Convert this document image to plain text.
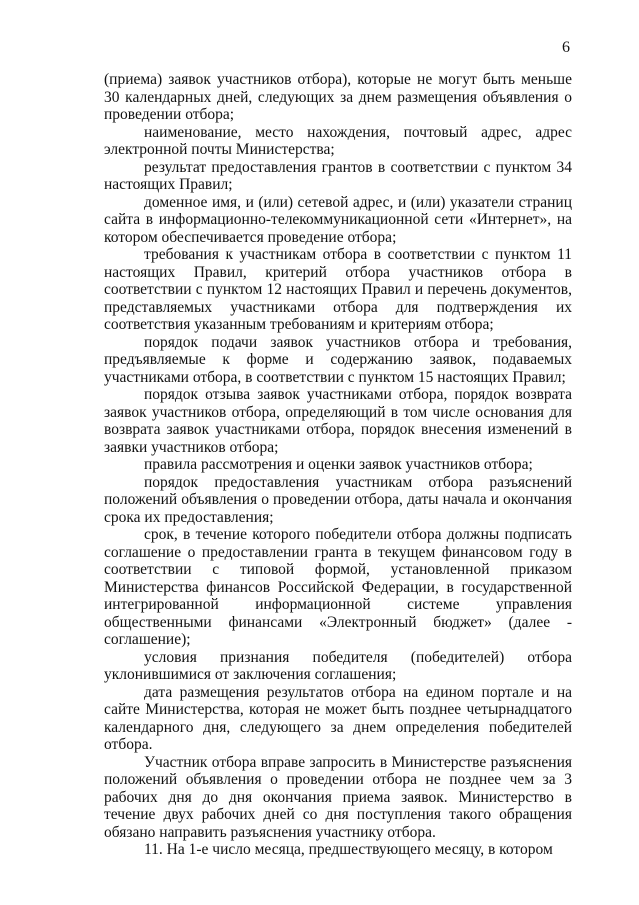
6

(приема) заявок участников отбора), которые не могут быть меньше 30 календарных дней, следующих за днем размещения объявления о проведении отбора;

наименование, место нахождения, почтовый адрес, адрес электронной почты Министерства;

результат предоставления грантов в соответствии с пунктом 34 настоящих Правил;

доменное имя, и (или) сетевой адрес, и (или) указатели страниц сайта в информационно-телекоммуникационной сети «Интернет», на котором обеспечивается проведение отбора;

требования к участникам отбора в соответствии с пунктом 11 настоящих Правил, критерий отбора участников отбора в соответствии с пунктом 12 настоящих Правил и перечень документов, представляемых участниками отбора для подтверждения их соответствия указанным требованиям и критериям отбора;

порядок подачи заявок участников отбора и требования, предъявляемые к форме и содержанию заявок, подаваемых участниками отбора, в соответствии с пунктом 15 настоящих Правил;

порядок отзыва заявок участниками отбора, порядок возврата заявок участников отбора, определяющий в том числе основания для возврата заявок участниками отбора, порядок внесения изменений в заявки участников отбора;

правила рассмотрения и оценки заявок участников отбора;

порядок предоставления участникам отбора разъяснений положений объявления о проведении отбора, даты начала и окончания срока их предоставления;

срок, в течение которого победители отбора должны подписать соглашение о предоставлении гранта в текущем финансовом году в соответствии с типовой формой, установленной приказом Министерства финансов Российской Федерации, в государственной интегрированной информационной системе управления общественными финансами «Электронный бюджет» (далее - соглашение);

условия признания победителя (победителей) отбора уклонившимися от заключения соглашения;

дата размещения результатов отбора на едином портале и на сайте Министерства, которая не может быть позднее четырнадцатого календарного дня, следующего за днем определения победителей отбора.

Участник отбора вправе запросить в Министерстве разъяснения положений объявления о проведении отбора не позднее чем за 3 рабочих дня до дня окончания приема заявок. Министерство в течение двух рабочих дней со дня поступления такого обращения обязано направить разъяснения участнику отбора.

11. На 1-е число месяца, предшествующего месяцу, в котором
